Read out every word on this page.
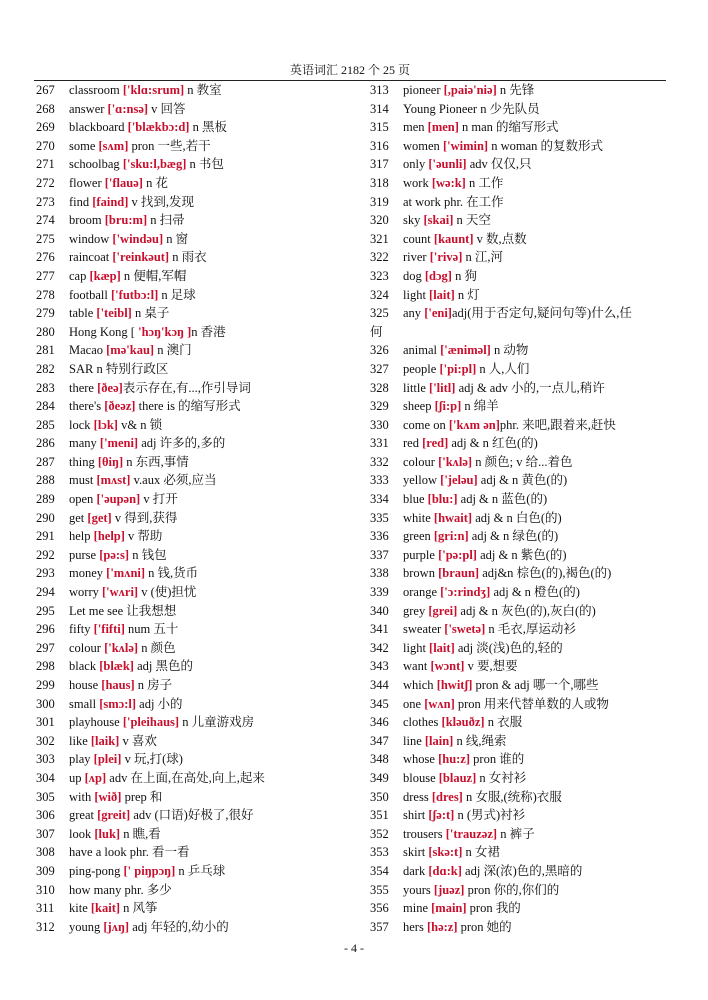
英语词汇 2182 个 25 页
267	classroom ['klɑ:srum] n 教室
268	answer ['ɑ:nsə] v 回答
269	blackboard ['blækbɔ:d] n 黑板
270	some [sʌm] pron 一些,若干
271	schoolbag ['sku:l,bæg] n 书包
272	flower ['flauə] n 花
273	find [faind] v 找到,发现
274	broom [bru:m] n 扫帚
275	window ['windəu] n 窗
276	raincoat ['reinkəut] n 雨衣
277	cap [kæp] n 便帽,军帽
278	football ['futbɔ:l] n 足球
279	table ['teibl] n 桌子
280	Hong Kong [ 'hɔŋ'kɔŋ ]n 香港
281	Macao [mə'kau] n 澳门
282	SAR n 特别行政区
283	there [ðeə]表示存在,有...,作引导词
284	there's [ðeəz] there is 的缩写形式
285	lock [lɔk] v& n 锁
286	many ['meni] adj 许多的,多的
287	thing [θiŋ] n 东西,事情
288	must [mʌst] v.aux 必须,应当
289	open ['əupən] v 打开
290	get [get] v 得到,获得
291	help [help] v 帮助
292	purse [pə:s] n 钱包
293	money ['mʌni] n 钱,货币
294	worry ['wʌri] v (使)担忧
295	Let me see 让我想想
296	fifty ['fifti] num 五十
297	colour ['kʌlə] n 颜色
298	black [blæk] adj 黑色的
299	house [haus] n 房子
300	small [smɔ:l] adj 小的
301	playhouse ['pleihaus] n 儿童游戏房
302	like [laik] v 喜欢
303	play [plei] v 玩,打(球)
304	up [ʌp] adv 在上面,在高处,向上,起来
305	with [wið] prep 和
306	great [greit] adv (口语)好极了,很好
307	look [luk] n 瞧,看
308	have a look phr. 看一看
309	ping-pong [' piŋpɔŋ] n 乒乓球
310	how many phr. 多少
311	kite [kait] n 风筝
312	young [jʌŋ] adj 年轻的,幼小的
313	pioneer [,paiə'niə] n 先锋
314	Young Pioneer n 少先队员
315	men [men] n man 的缩写形式
316	women ['wimin] n woman 的复数形式
317	only ['əunli] adv 仅仅,只
318	work [wə:k] n 工作
319	at work phr. 在工作
320	sky [skai] n 天空
321	count [kaunt] v 数,点数
322	river ['rivə] n 江,河
323	dog [dɔg] n 狗
324	light [lait] n 灯
325	any ['eni]adj(用于否定句,疑问句等)什么,任
何
326	animal ['æniməl] n 动物
327	people ['pi:pl] n 人,人们
328	little ['litl] adj & adv 小的,一点儿,稍许
329	sheep [ʃi:p] n 绵羊
330	come on ['kʌm ən]phr. 来吧,跟着来,赶快
331	red [red] adj & n 红色(的)
332	colour ['kʌlə] n 颜色; v 给...着色
333	yellow ['jeləu] adj & n 黄色(的)
334	blue [blu:] adj & n 蓝色(的)
335	white [hwait] adj & n 白色(的)
336	green [gri:n] adj & n 绿色(的)
337	purple ['pə:pl] adj & n 紫色(的)
338	brown [braun] adj&n 棕色(的),褐色(的)
339	orange ['ɔ:rindʒ] adj & n 橙色(的)
340	grey [grei] adj & n 灰色(的),灰白(的)
341	sweater ['swetə] n 毛衣,厚运动衫
342	light [lait] adj 淡(浅)色的,轻的
343	want [wɔnt] v 要,想要
344	which [hwitʃ] pron & adj 哪一个,哪些
345	one [wʌn] pron 用来代替单数的人或物
346	clothes [kləuðz] n 衣服
347	line [lain] n 线,绳索
348	whose [hu:z] pron 谁的
349	blouse [blauz] n 女衬衫
350	dress [dres] n 女服,(统称)衣服
351	shirt [ʃə:t] n (男式)衬衫
352	trousers ['trauzəz] n 裤子
353	skirt [skə:t] n 女裙
354	dark [dɑ:k] adj 深(浓)色的,黑暗的
355	yours [juəz] pron 你的,你们的
356	mine [main] pron 我的
357	hers [hə:z] pron 她的
- 4 -
